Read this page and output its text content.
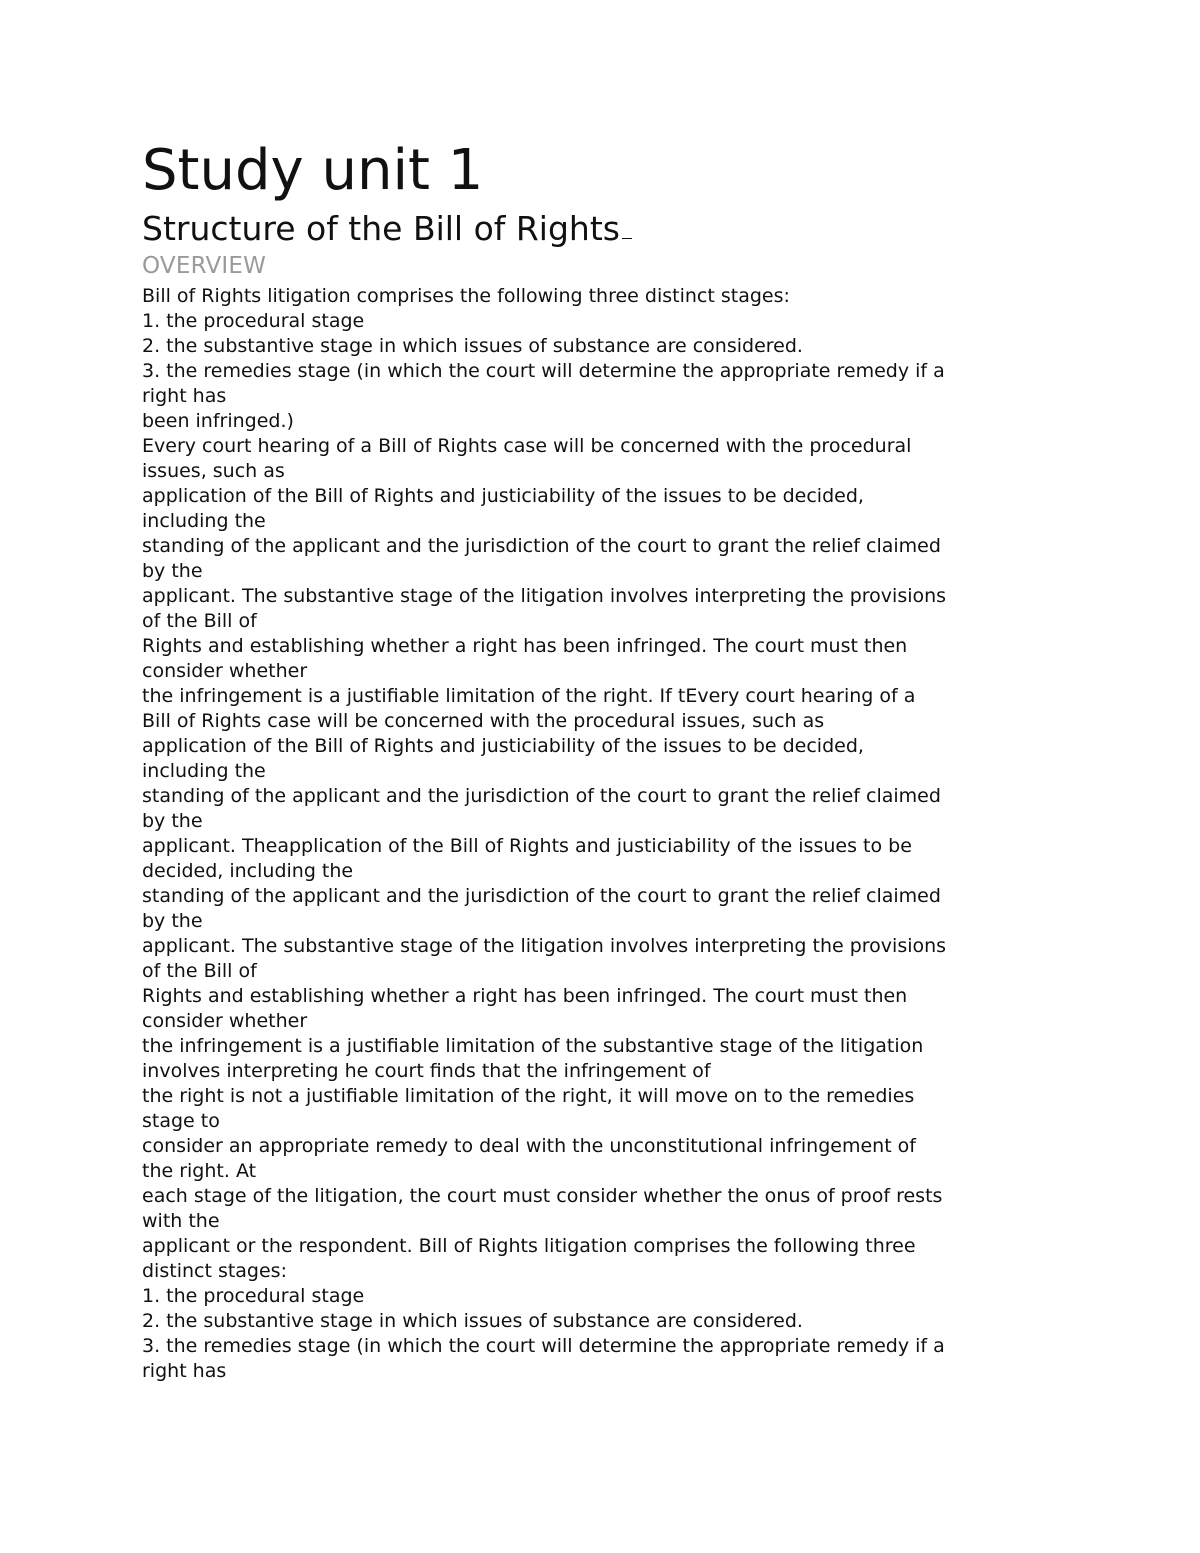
Study unit 1
Structure of the Bill of Rights
OVERVIEW

Bill of Rights litigation comprises the following three distinct stages:

1. the procedural stage

2. the substantive stage in which issues of substance are considered.

3. the remedies stage (in which the court will determine the appropriate remedy if a

right has

been infringed.)

Every court hearing of a Bill of Rights case will be concerned with the procedural

issues, such as

application of the Bill of Rights and justiciability of the issues to be decided,

including the

standing of the applicant and the jurisdiction of the court to grant the relief claimed

by the

applicant. The substantive stage of the litigation involves interpreting the provisions

of the Bill of

Rights and establishing whether a right has been infringed. The court must then

consider whether

the infringement is a justifiable limitation of the right. If tEvery court hearing of a

Bill of Rights case will be concerned with the procedural issues, such as

application of the Bill of Rights and justiciability of the issues to be decided,

including the

standing of the applicant and the jurisdiction of the court to grant the relief claimed

by the

applicant. Theapplication of the Bill of Rights and justiciability of the issues to be

decided, including the

standing of the applicant and the jurisdiction of the court to grant the relief claimed

by the

applicant. The substantive stage of the litigation involves interpreting the provisions

of the Bill of

Rights and establishing whether a right has been infringed. The court must then

consider whether

the infringement is a justifiable limitation of the substantive stage of the litigation

involves interpreting he court finds that the infringement of

the right is not a justifiable limitation of the right, it will move on to the remedies

stage to

consider an appropriate remedy to deal with the unconstitutional infringement of

the right. At

each stage of the litigation, the court must consider whether the onus of proof rests

with the

applicant or the respondent. Bill of Rights litigation comprises the following three

distinct stages:

1. the procedural stage

2. the substantive stage in which issues of substance are considered.

3. the remedies stage (in which the court will determine the appropriate remedy if a

right has
